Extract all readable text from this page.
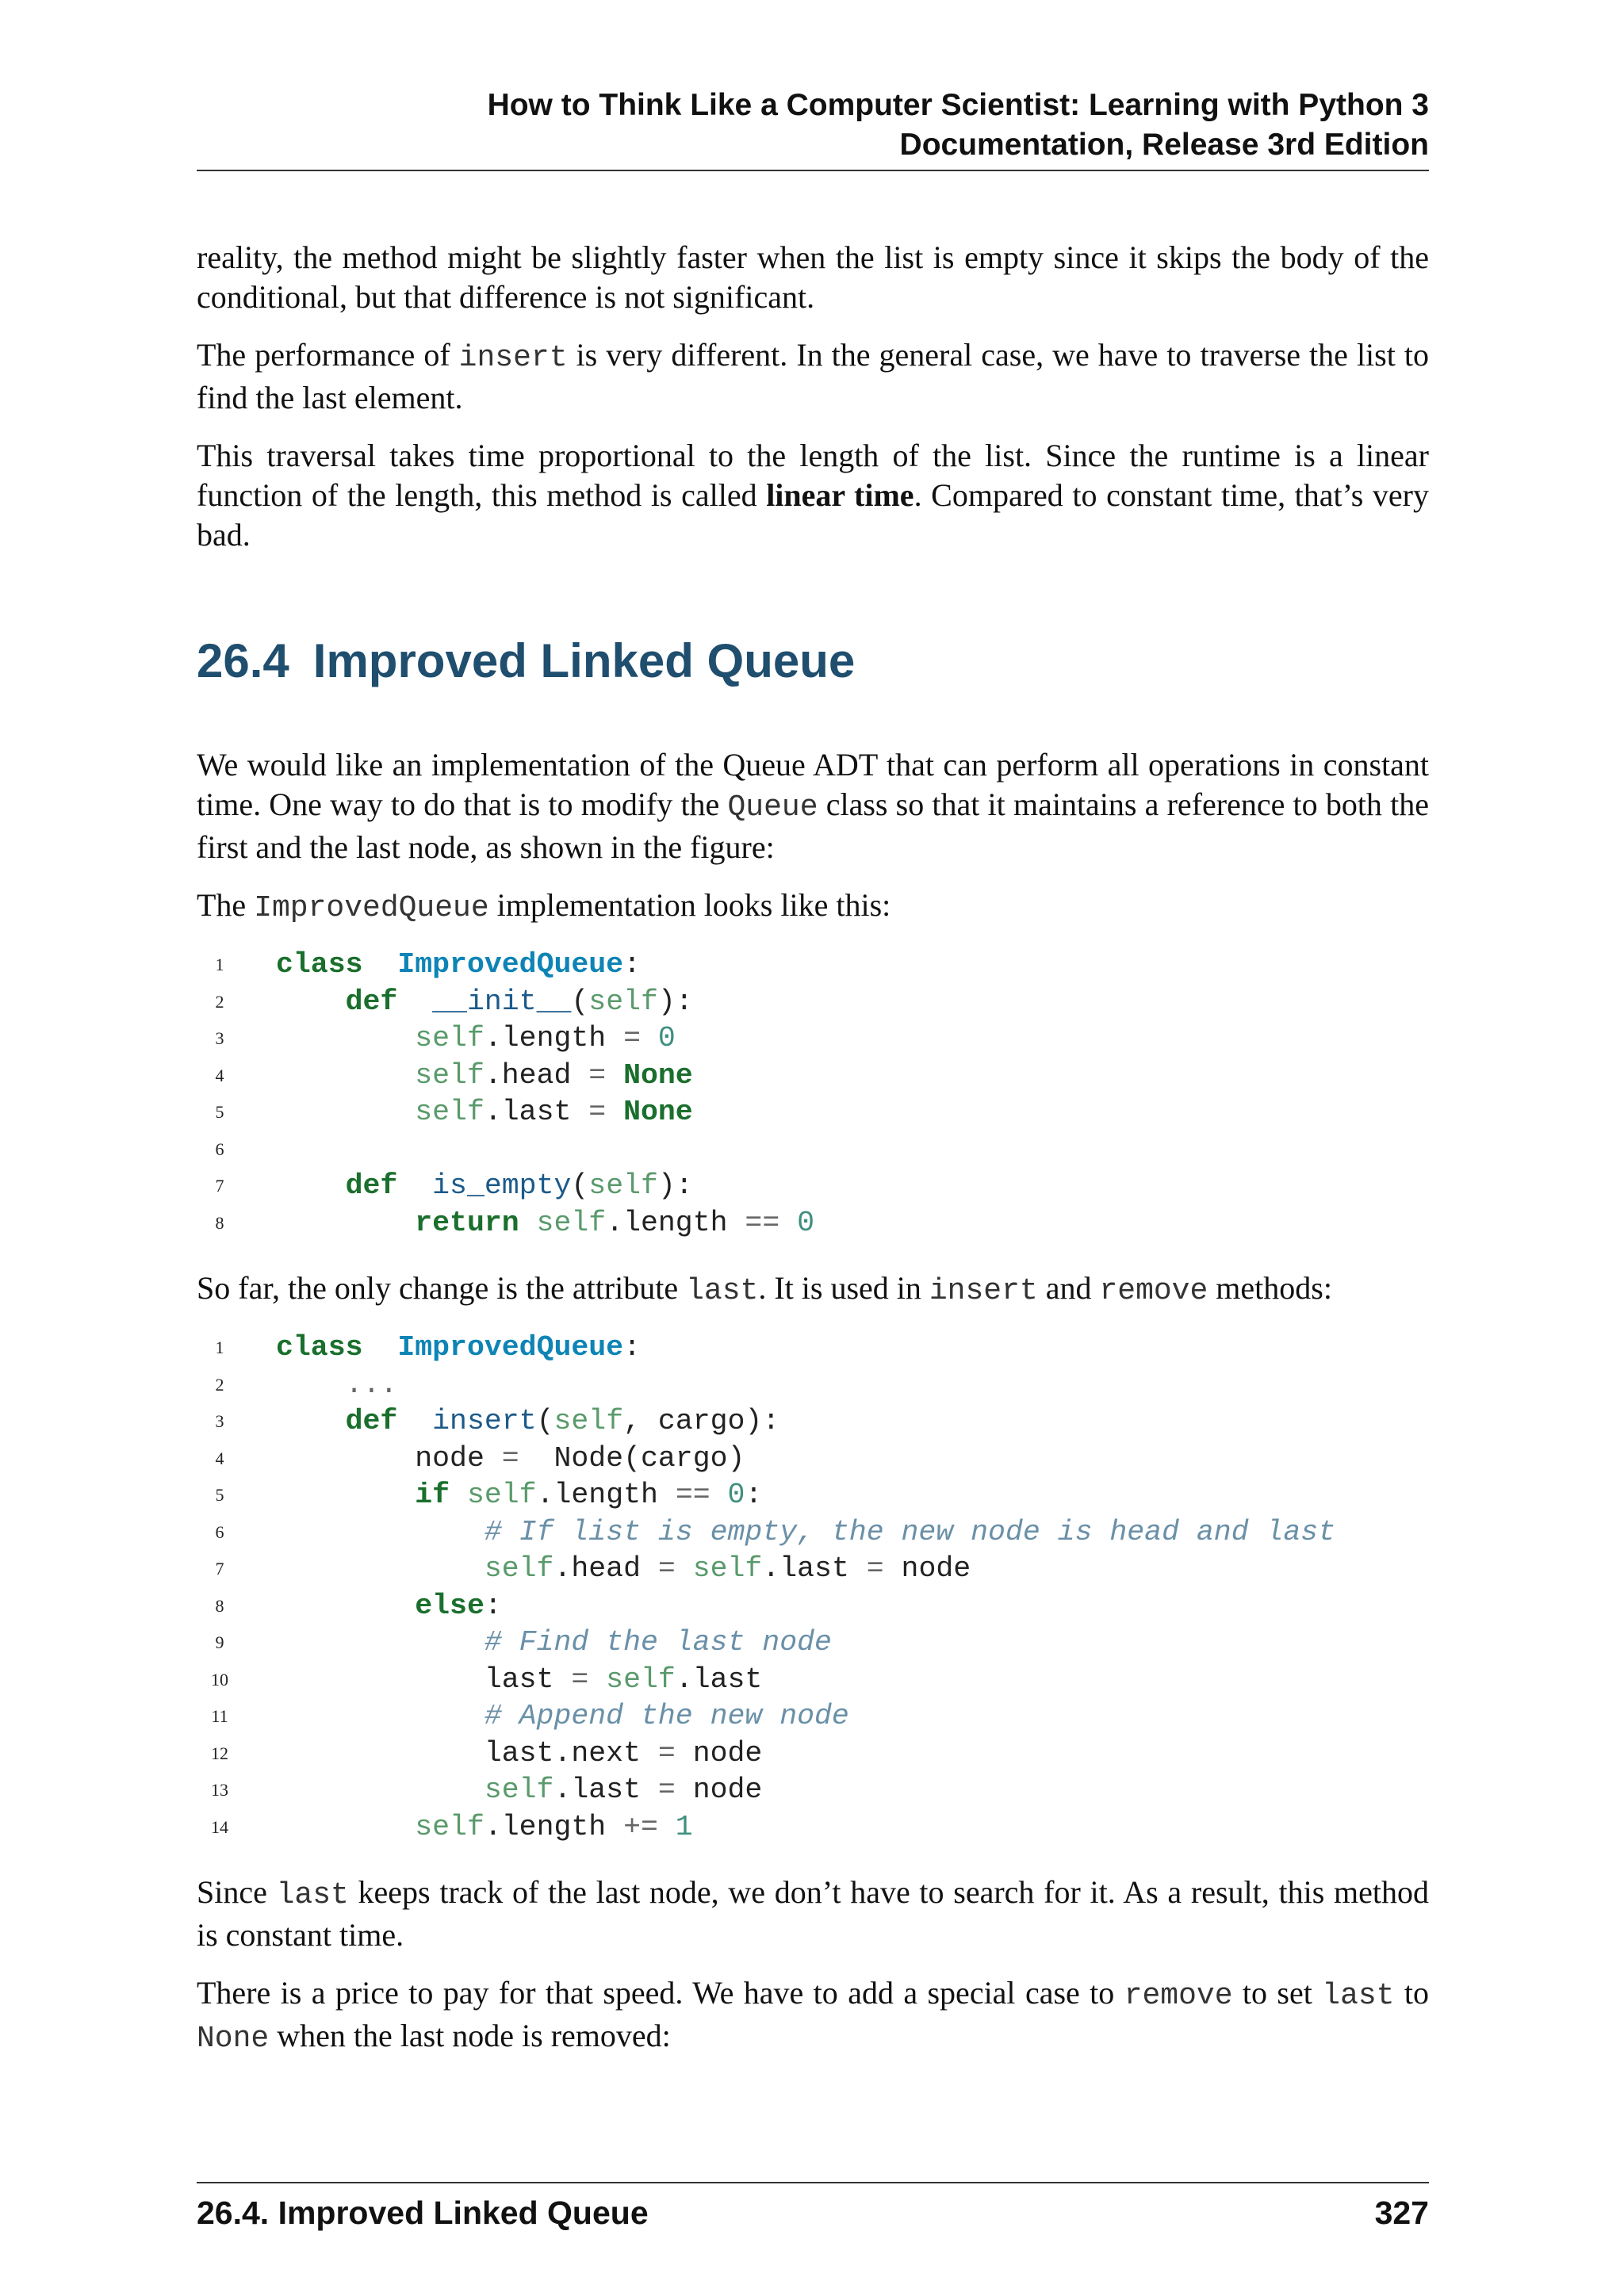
How to Think Like a Computer Scientist: Learning with Python 3
Documentation, Release 3rd Edition

reality, the method might be slightly faster when the list is empty since it skips the body of the conditional, but that difference is not significant.

The performance of insert is very different. In the general case, we have to traverse the list to find the last element.

This traversal takes time proportional to the length of the list. Since the runtime is a linear function of the length, this method is called linear time. Compared to constant time, that’s very bad.

26.4 Improved Linked Queue

We would like an implementation of the Queue ADT that can perform all operations in constant time. One way to do that is to modify the Queue class so that it maintains a reference to both the first and the last node, as shown in the figure:

The ImprovedQueue implementation looks like this:

1	class ImprovedQueue:
2	def __init__(self):
3	self.length = 0
4	self.head = None
5	self.last = None
6
7	def is_empty(self):
8	return self.length == 0

So far, the only change is the attribute last. It is used in insert and remove methods:

1	class ImprovedQueue:
2	...
3	def insert(self, cargo):
4	node =  Node(cargo)
5	if self.length == 0:
6	# If list is empty, the new node is head and last
7	self.head = self.last = node
8	else:
9	# Find the last node
10	last = self.last
11	# Append the new node
12	last.next = node
13	self.last = node
14	self.length += 1

Since last keeps track of the last node, we don’t have to search for it. As a result, this method is constant time.

There is a price to pay for that speed. We have to add a special case to remove to set last to None when the last node is removed:

26.4. Improved Linked Queue	327
